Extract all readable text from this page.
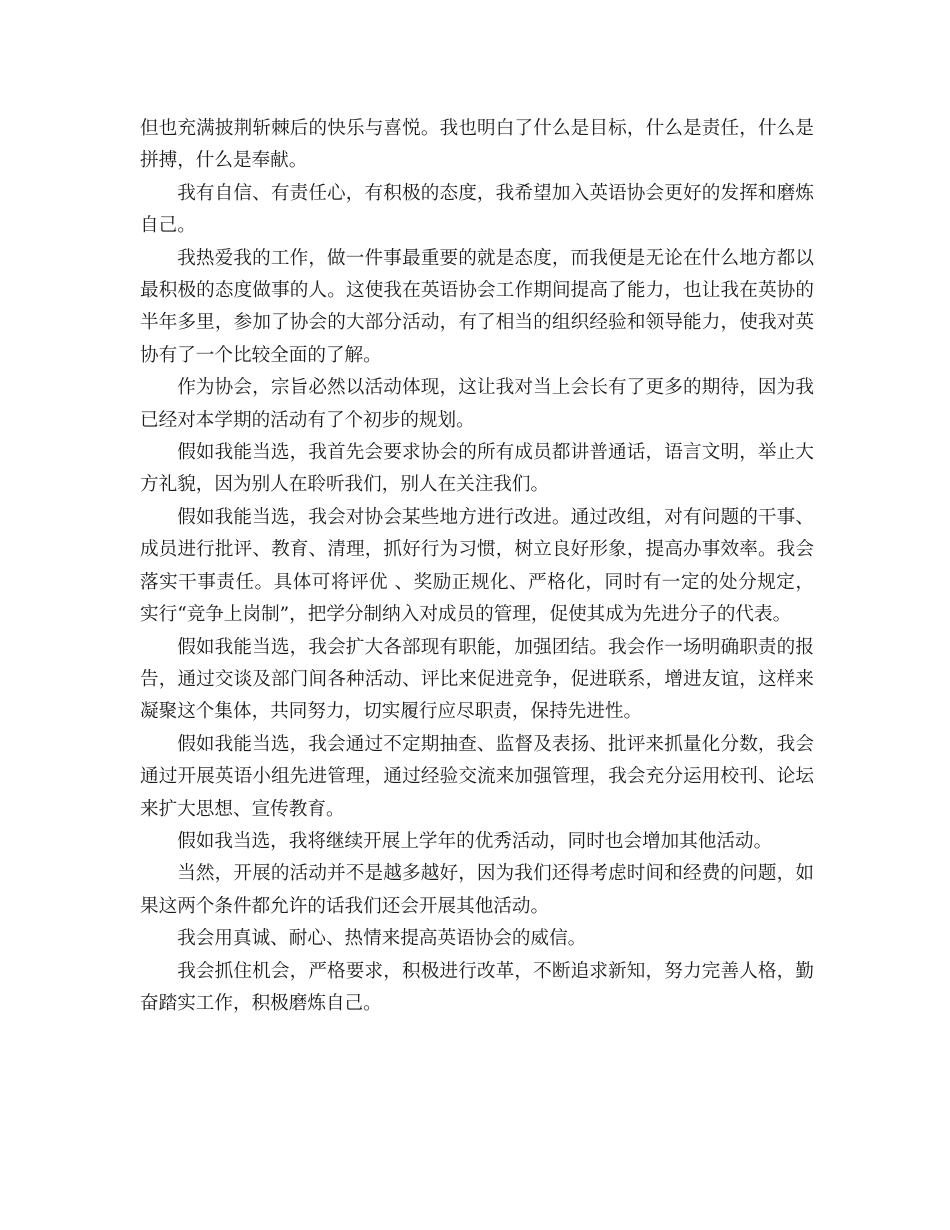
但也充满披荆斩棘后的快乐与喜悦。我也明白了什么是目标，什么是责任，什么是拼搏，什么是奉献。

我有自信、有责任心，有积极的态度，我希望加入英语协会更好的发挥和磨炼自己。

我热爱我的工作，做一件事最重要的就是态度，而我便是无论在什么地方都以最积极的态度做事的人。这使我在英语协会工作期间提高了能力，也让我在英协的半年多里，参加了协会的大部分活动，有了相当的组织经验和领导能力，使我对英协有了一个比较全面的了解。

作为协会，宗旨必然以活动体现，这让我对当上会长有了更多的期待，因为我已经对本学期的活动有了个初步的规划。

假如我能当选，我首先会要求协会的所有成员都讲普通话，语言文明，举止大方礼貌，因为别人在聆听我们，别人在关注我们。

假如我能当选，我会对协会某些地方进行改进。通过改组，对有问题的干事、成员进行批评、教育、清理，抓好行为习惯，树立良好形象，提高办事效率。我会落实干事责任。具体可将评优 、奖励正规化、严格化，同时有一定的处分规定，实行“竞争上岗制”，把学分制纳入对成员的管理，促使其成为先进分子的代表。

假如我能当选，我会扩大各部现有职能，加强团结。我会作一场明确职责的报告，通过交谈及部门间各种活动、评比来促进竞争，促进联系，增进友谊，这样来凝聚这个集体，共同努力，切实履行应尽职责，保持先进性。

假如我能当选，我会通过不定期抽查、监督及表扬、批评来抓量化分数，我会通过开展英语小组先进管理，通过经验交流来加强管理，我会充分运用校刊、论坛来扩大思想、宣传教育。

假如我当选，我将继续开展上学年的优秀活动，同时也会增加其他活动。

当然，开展的活动并不是越多越好，因为我们还得考虑时间和经费的问题，如果这两个条件都允许的话我们还会开展其他活动。

我会用真诚、耐心、热情来提高英语协会的威信。

我会抓住机会，严格要求，积极进行改革，不断追求新知，努力完善人格，勤奋踏实工作，积极磨炼自己。
